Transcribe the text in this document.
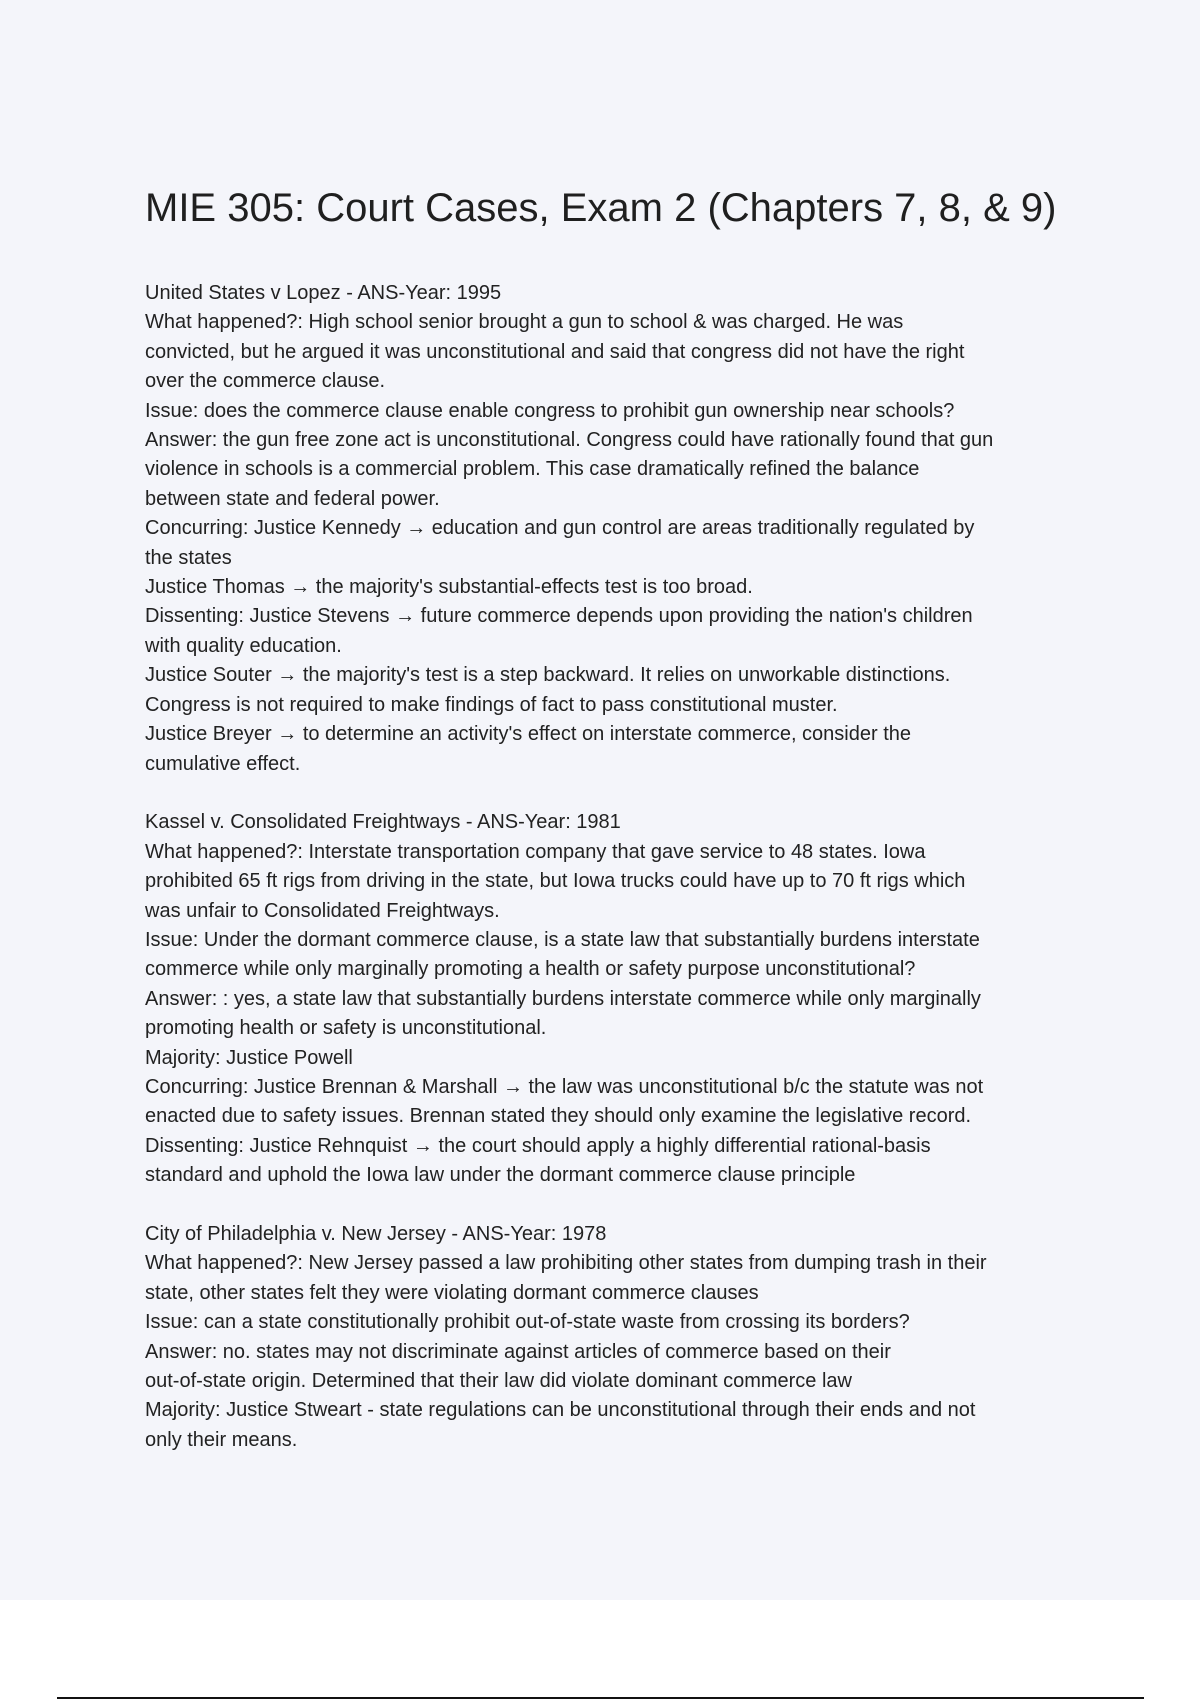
MIE 305: Court Cases, Exam 2 (Chapters 7, 8, & 9)
United States v Lopez - ANS-Year: 1995
What happened?: High school senior brought a gun to school & was charged. He was
convicted, but he argued it was unconstitutional and said that congress did not have the right
over the commerce clause.
Issue: does the commerce clause enable congress to prohibit gun ownership near schools?
Answer: the gun free zone act is unconstitutional. Congress could have rationally found that gun
violence in schools is a commercial problem. This case dramatically refined the balance
between state and federal power.
Concurring: Justice Kennedy → education and gun control are areas traditionally regulated by
the states
Justice Thomas → the majority's substantial-effects test is too broad.
Dissenting: Justice Stevens → future commerce depends upon providing the nation's children
with quality education.
Justice Souter → the majority's test is a step backward. It relies on unworkable distinctions.
Congress is not required to make findings of fact to pass constitutional muster.
Justice Breyer → to determine an activity's effect on interstate commerce, consider the
cumulative effect.
Kassel v. Consolidated Freightways - ANS-Year: 1981
What happened?: Interstate transportation company that gave service to 48 states. Iowa
prohibited 65 ft rigs from driving in the state, but Iowa trucks could have up to 70 ft rigs which
was unfair to Consolidated Freightways.
Issue: Under the dormant commerce clause, is a state law that substantially burdens interstate
commerce while only marginally promoting a health or safety purpose unconstitutional?
Answer: : yes, a state law that substantially burdens interstate commerce while only marginally
promoting health or safety is unconstitutional.
Majority: Justice Powell
Concurring: Justice Brennan & Marshall → the law was unconstitutional b/c the statute was not
enacted due to safety issues. Brennan stated they should only examine the legislative record.
Dissenting: Justice Rehnquist → the court should apply a highly differential rational-basis
standard and uphold the Iowa law under the dormant commerce clause principle
City of Philadelphia v. New Jersey - ANS-Year: 1978
What happened?: New Jersey passed a law prohibiting other states from dumping trash in their
state, other states felt they were violating dormant commerce clauses
Issue: can a state constitutionally prohibit out-of-state waste from crossing its borders?
Answer: no. states may not discriminate against articles of commerce based on their
out-of-state origin. Determined that their law did violate dominant commerce law
Majority: Justice Stweart - state regulations can be unconstitutional through their ends and not
only their means.
